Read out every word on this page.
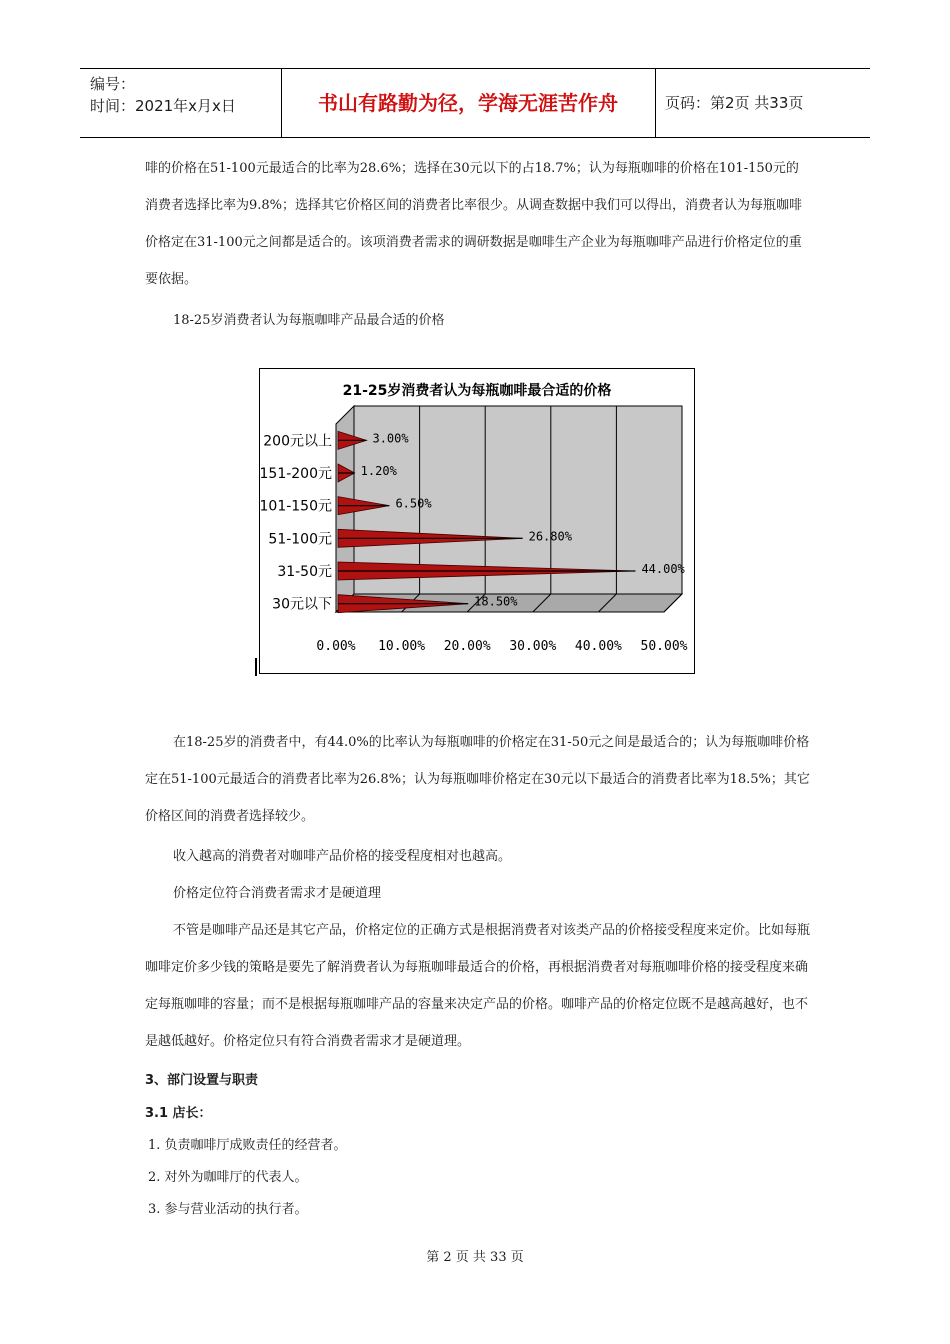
编号：
时间：2021年x月x日	书山有路勤为径，学海无涯苦作舟	页码：第2页 共33页

啡的价格在51-100元最适合的比率为28.6%；选择在30元以下的占18.7%；认为每瓶咖啡的价格在101-150元的消费者选择比率为9.8%；选择其它价格区间的消费者比率很少。从调查数据中我们可以得出，消费者认为每瓶咖啡价格定在31-100元之间都是适合的。该项消费者需求的调研数据是咖啡生产企业为每瓶咖啡产品进行价格定位的重要依据。

18-25岁消费者认为每瓶咖啡产品最合适的价格

21-25岁消费者认为每瓶咖啡最合适的价格
0.00% 10.00% 20.00% 30.00% 40.00% 50.00%
200元以上	3.00%
151-200元 1.20%
101-150元	6.50%
51-100元	26.80%
31-50元	44.00%
30元以下	18.50%

在18-25岁的消费者中，有44.0%的比率认为每瓶咖啡的价格定在31-50元之间是最适合的；认为每瓶咖啡价格定在51-100元最适合的消费者比率为26.8%；认为每瓶咖啡价格定在30元以下最适合的消费者比率为18.5%；其它价格区间的消费者选择较少。

收入越高的消费者对咖啡产品价格的接受程度相对也越高。

价格定位符合消费者需求才是硬道理

不管是咖啡产品还是其它产品，价格定位的正确方式是根据消费者对该类产品的价格接受程度来定价。比如每瓶咖啡定价多少钱的策略是要先了解消费者认为每瓶咖啡最适合的价格，再根据消费者对每瓶咖啡价格的接受程度来确定每瓶咖啡的容量；而不是根据每瓶咖啡产品的容量来决定产品的价格。咖啡产品的价格定位既不是越高越好，也不是越低越好。价格定位只有符合消费者需求才是硬道理。

3、部门设置与职责
3.1 店长：
1. 负责咖啡厅成败责任的经营者。
2. 对外为咖啡厅的代表人。
3. 参与营业活动的执行者。
第 2 页 共 33 页
